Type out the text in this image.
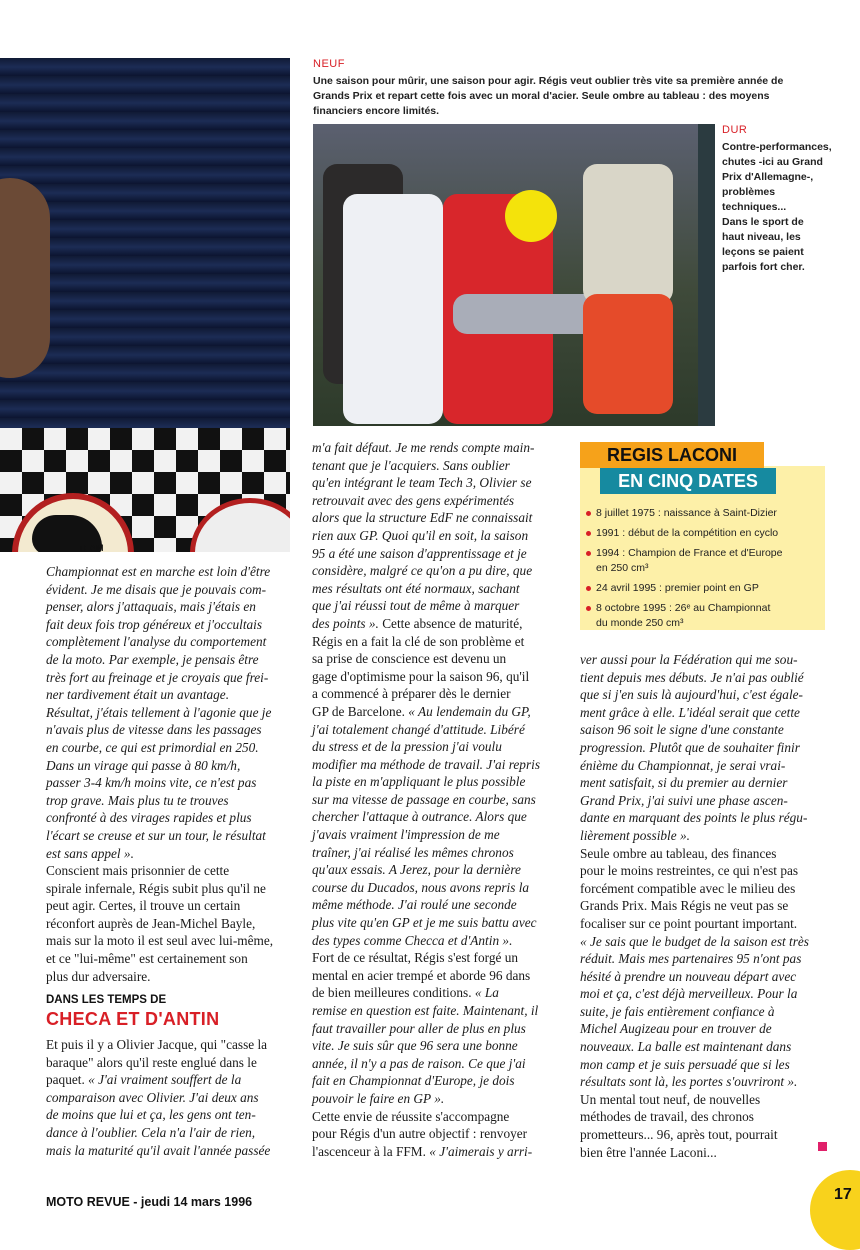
TEAM
NEUF
Une saison pour mûrir, une saison pour agir. Régis veut oublier très vite sa première année de
Grands Prix et repart cette fois avec un moral d'acier. Seule ombre au tableau : des moyens
financiers encore limités.
DUR
Contre-performances,
chutes -ici au Grand
Prix d'Allemagne-,
problèmes
techniques...
Dans le sport de
haut niveau, les
leçons se paient
parfois fort cher.

Championnat est en marche est loin d'être

évident. Je me disais que je pouvais com-

penser, alors j'attaquais, mais j'étais en

fait deux fois trop généreux et j'occultais

complètement l'analyse du comportement

de la moto. Par exemple, je pensais être

très fort au freinage et je croyais que frei-

ner tardivement était un avantage.

Résultat, j'étais tellement à l'agonie que je

n'avais plus de vitesse dans les passages

en courbe, ce qui est primordial en 250.

Dans un virage qui passe à 80 km/h,

passer 3-4 km/h moins vite, ce n'est pas

trop grave. Mais plus tu te trouves

confronté à des virages rapides et plus

l'écart se creuse et sur un tour, le résultat

est sans appel ».

Conscient mais prisonnier de cette

spirale infernale, Régis subit plus qu'il ne

peut agir. Certes, il trouve un certain

réconfort auprès de Jean-Michel Bayle,

mais sur la moto il est seul avec lui-même,

et ce "lui-même" est certainement son

plus dur adversaire.

DANS LES TEMPS DE
CHECA ET D'ANTIN

Et puis il y a Olivier Jacque, qui "casse la

baraque" alors qu'il reste englué dans le

paquet. « J'ai vraiment souffert de la

comparaison avec Olivier. J'ai deux ans

de moins que lui et ça, les gens ont ten-

dance à l'oublier. Cela n'a l'air de rien,

mais la maturité qu'il avait l'année passée

m'a fait défaut. Je me rends compte main-

tenant que je l'acquiers. Sans oublier

qu'en intégrant le team Tech 3, Olivier se

retrouvait avec des gens expérimentés

alors que la structure EdF ne connaissait

rien aux GP. Quoi qu'il en soit, la saison

95 a été une saison d'apprentissage et je

considère, malgré ce qu'on a pu dire, que

mes résultats ont été normaux, sachant

que j'ai réussi tout de même à marquer

des points ». Cette absence de maturité,

Régis en a fait la clé de son problème et

sa prise de conscience est devenu un

gage d'optimisme pour la saison 96, qu'il

a commencé à préparer dès le dernier

GP de Barcelone. « Au lendemain du GP,

j'ai totalement changé d'attitude. Libéré

du stress et de la pression j'ai voulu

modifier ma méthode de travail. J'ai repris

la piste en m'appliquant le plus possible

sur ma vitesse de passage en courbe, sans

chercher l'attaque à outrance. Alors que

j'avais vraiment l'impression de me

traîner, j'ai réalisé les mêmes chronos

qu'aux essais. A Jerez, pour la dernière

course du Ducados, nous avons repris la

même méthode. J'ai roulé une seconde

plus vite qu'en GP et je me suis battu avec

des types comme Checca et d'Antin ».

Fort de ce résultat, Régis s'est forgé un

mental en acier trempé et aborde 96 dans

de bien meilleures conditions. « La

remise en question est faite. Maintenant, il

faut travailler pour aller de plus en plus

vite. Je suis sûr que 96 sera une bonne

année, il n'y a pas de raison. Ce que j'ai

fait en Championnat d'Europe, je dois

pouvoir le faire en GP ».

Cette envie de réussite s'accompagne

pour Régis d'un autre objectif : renvoyer

l'ascenceur à la FFM. « J'aimerais y arri-

REGIS LACONI
EN CINQ DATES
8 juillet 1975 : naissance à Saint-Dizier
1991 : début de la compétition en cyclo
1994 : Champion de France et d'Europe
en 250 cm³
24 avril 1995 : premier point en GP
8 octobre 1995 : 26ᵉ au Championnat
du monde 250 cm³

ver aussi pour la Fédération qui me sou-

tient depuis mes débuts. Je n'ai pas oublié

que si j'en suis là aujourd'hui, c'est égale-

ment grâce à elle. L'idéal serait que cette

saison 96 soit le signe d'une constante

progression. Plutôt que de souhaiter finir

énième du Championnat, je serai vrai-

ment satisfait, si du premier au dernier

Grand Prix, j'ai suivi une phase ascen-

dante en marquant des points le plus régu-

lièrement possible ».

Seule ombre au tableau, des finances

pour le moins restreintes, ce qui n'est pas

forcément compatible avec le milieu des

Grands Prix. Mais Régis ne veut pas se

focaliser sur ce point pourtant important.

« Je sais que le budget de la saison est très

réduit. Mais mes partenaires 95 n'ont pas

hésité à prendre un nouveau départ avec

moi et ça, c'est déjà merveilleux. Pour la

suite, je fais entièrement confiance à

Michel Augizeau pour en trouver de

nouveaux. La balle est maintenant dans

mon camp et je suis persuadé que si les

résultats sont là, les portes s'ouvriront ».

Un mental tout neuf, de nouvelles

méthodes de travail, des chronos

prometteurs... 96, après tout, pourrait

bien être l'année Laconi...

MOTO REVUE - jeudi 14 mars 1996	17
